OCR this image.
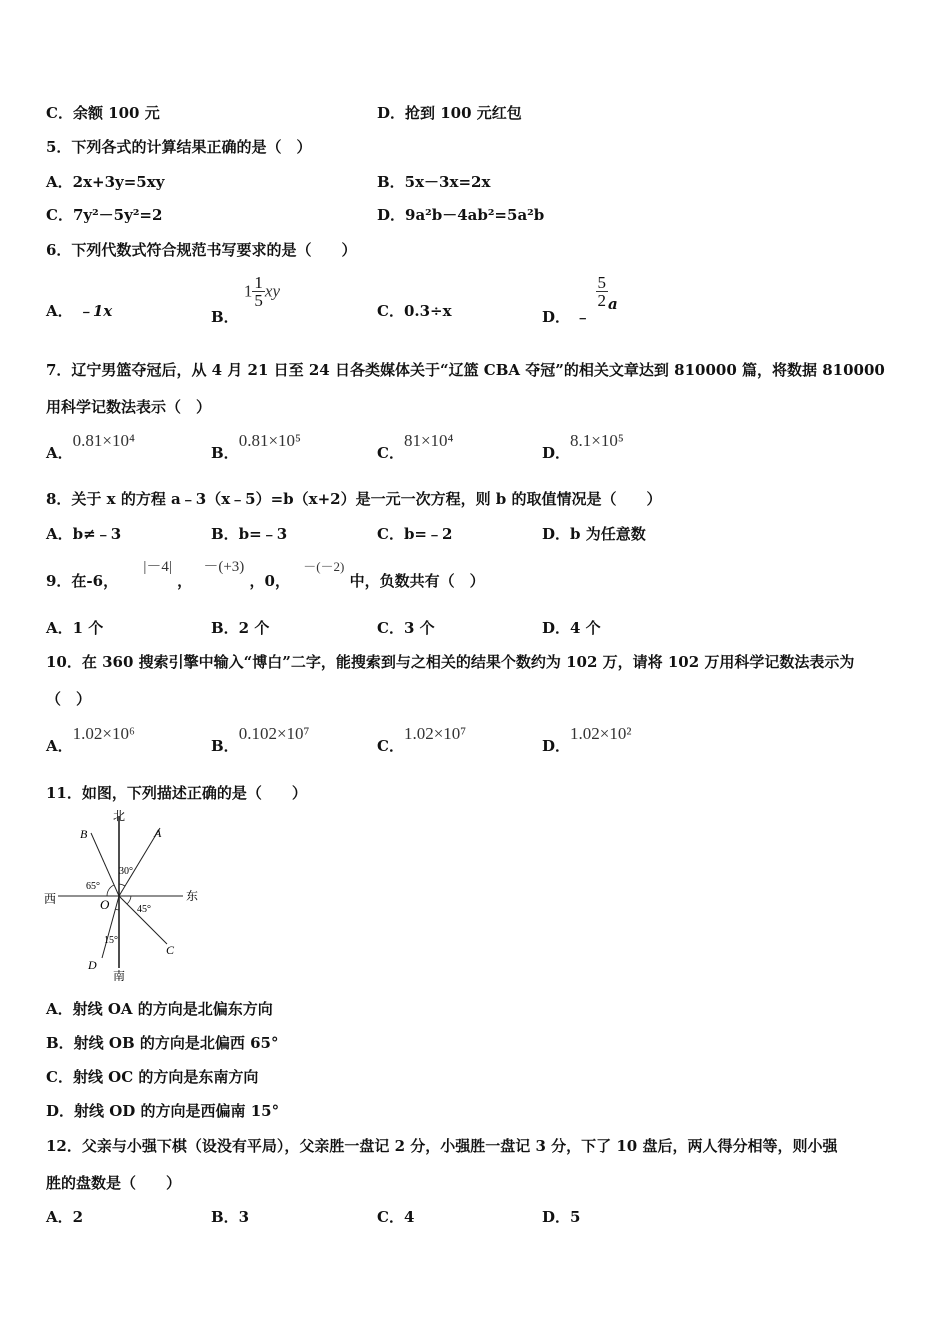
C．余额 100 元	D．抢到 100 元红包
5．下列各式的计算结果正确的是（　）
A．2x+3y=5xy	B．5x－3x=2x
C．7y²－5y²=2	D．9a²b－4ab²=5a²b
6．下列代数式符合规范书写要求的是（　　）
A． ﹣1x	B． $1 \frac{1}{5}$ xy
C．0.3÷x	D． ﹣
$\frac{5}{2}$ a
7．辽宁男篮夺冠后，从 4 月 21 日至 24 日各类媒体关于“辽篮 CBA 夺冠”的相关文章达到 810000 篇，将数据 810000
用科学记数法表示（　）
A．0.81×10⁴
B．0.81×10⁵
C．81×10⁴
D．8.1×10⁵
8．关于 x 的方程 a﹣3（x﹣5）=b（x+2）是一元一次方程，则 b 的取值情况是（　　）
A．b≠﹣3	B．b=﹣3	C．b=﹣2	D．b 为任意数
9．在-6， |－4| ， －(+3) ，0， －(－2) 中，负数共有（　）
A．1 个	B．2 个	C．3 个	D．4 个
10．在 360 搜索引擎中输入“博白”二字，能搜索到与之相关的结果个数约为 102 万，请将 102 万用科学记数法表示为
（　）
A．1.02×10⁶
B．0.102×10⁷
C．1.02×10⁷
D．1.02×10²
11．如图，下列描述正确的是（　　）
北
南
东
西	O
A
B
C
D
30°
65°
45°
15°
A．射线 OA 的方向是北偏东方向
B．射线 OB 的方向是北偏西 65°
C．射线 OC 的方向是东南方向
D．射线 OD 的方向是西偏南 15°
12．父亲与小强下棋（设没有平局），父亲胜一盘记 2 分，小强胜一盘记 3 分，下了 10 盘后，两人得分相等，则小强
胜的盘数是（　　）
A．2	B．3	C．4	D．5
